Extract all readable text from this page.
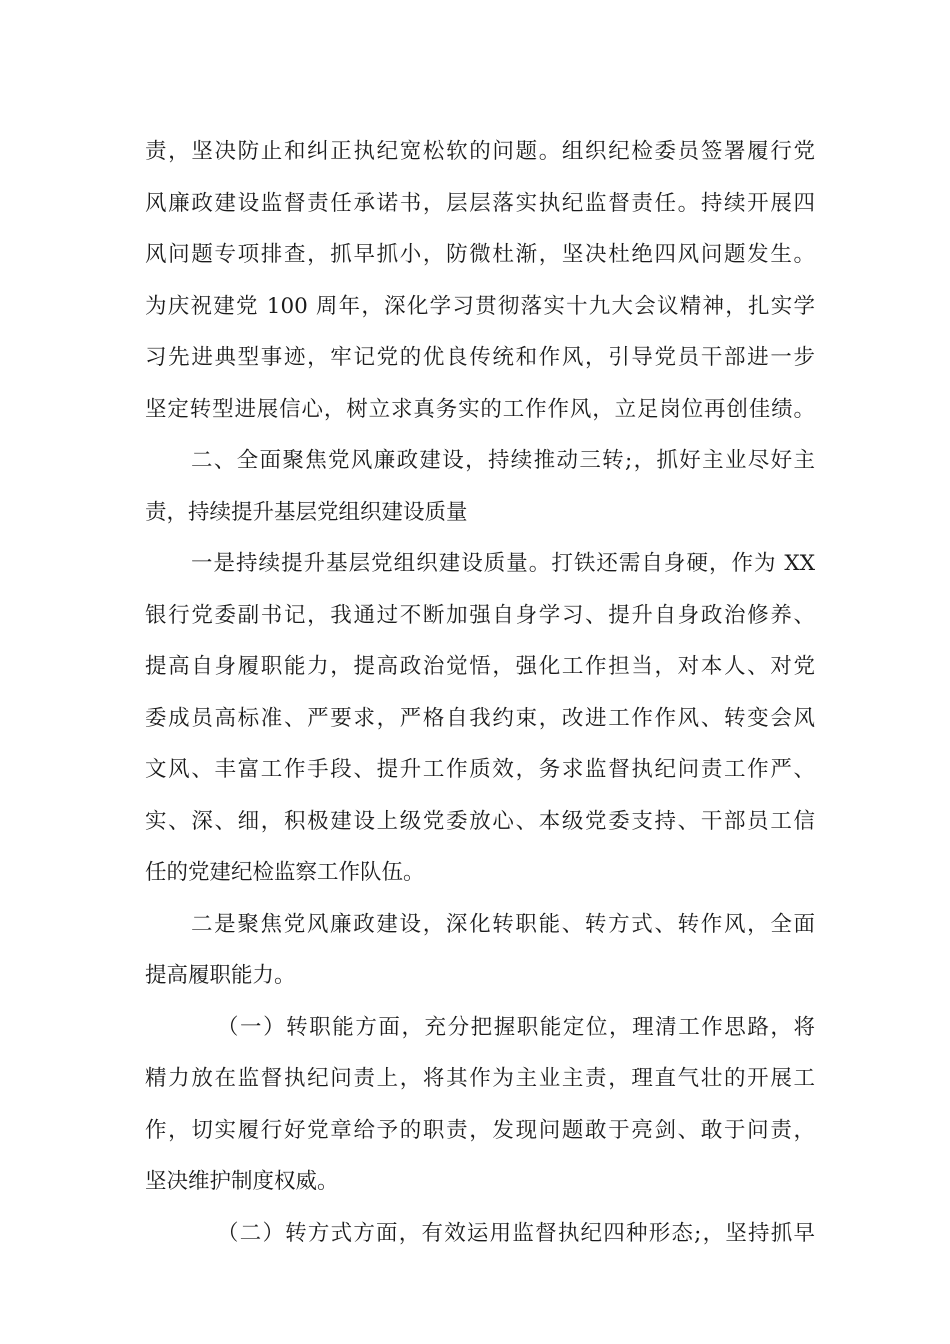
责，坚决防止和纠正执纪宽松软的问题。组织纪检委员签署履行党
风廉政建设监督责任承诺书，层层落实执纪监督责任。持续开展四
风问题专项排查，抓早抓小，防微杜渐，坚决杜绝四风问题发生。
为庆祝建党 100 周年，深化学习贯彻落实十九大会议精神，扎实学
习先进典型事迹，牢记党的优良传统和作风，引导党员干部进一步
坚定转型进展信心，树立求真务实的工作作风，立足岗位再创佳绩。
二、全面聚焦党风廉政建设，持续推动三转;，抓好主业尽好主
责，持续提升基层党组织建设质量
一是持续提升基层党组织建设质量。打铁还需自身硬，作为 XX
银行党委副书记，我通过不断加强自身学习、提升自身政治修养、
提高自身履职能力，提高政治觉悟，强化工作担当，对本人、对党
委成员高标准、严要求，严格自我约束，改进工作作风、转变会风
文风、丰富工作手段、提升工作质效，务求监督执纪问责工作严、
实、深、细，积极建设上级党委放心、本级党委支持、干部员工信
任的党建纪检监察工作队伍。
二是聚焦党风廉政建设，深化转职能、转方式、转作风，全面
提高履职能力。
（一）转职能方面，充分把握职能定位，理清工作思路，将
精力放在监督执纪问责上，将其作为主业主责，理直气壮的开展工
作，切实履行好党章给予的职责，发现问题敢于亮剑、敢于问责，
坚决维护制度权威。
（二）转方式方面，有效运用监督执纪四种形态;，坚持抓早
